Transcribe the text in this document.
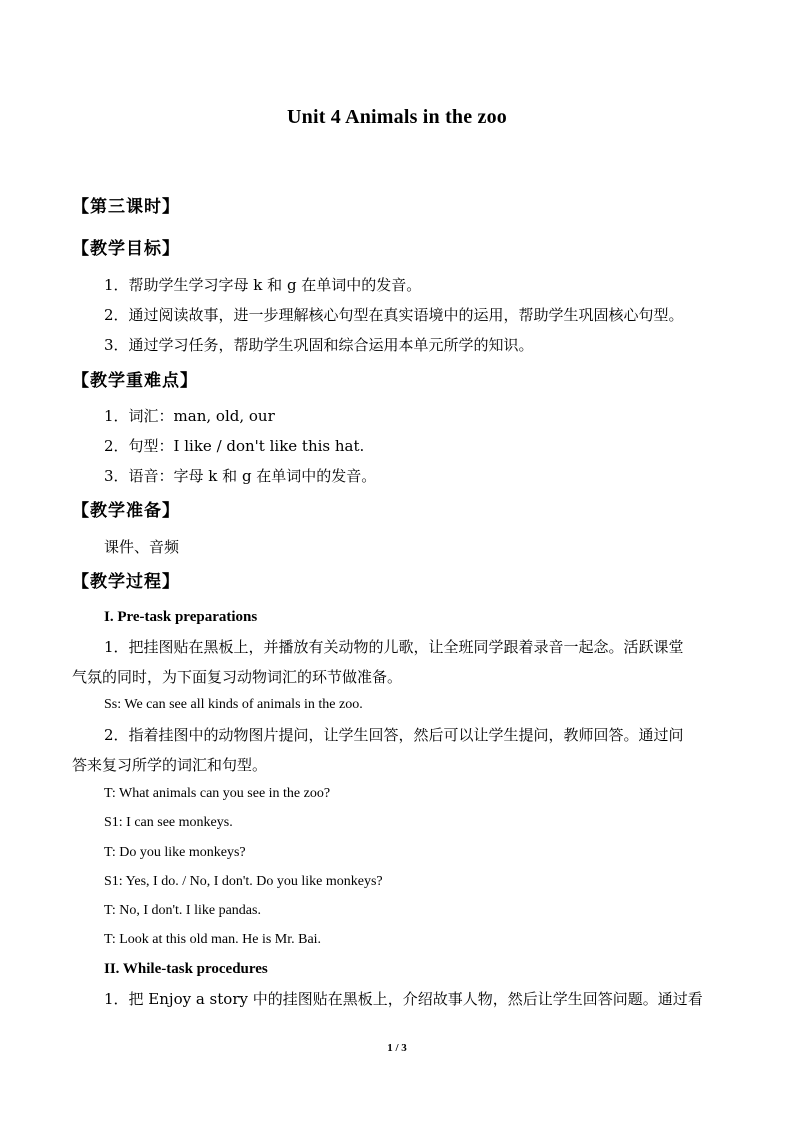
Unit 4 Animals in the zoo
【第三课时】
【教学目标】
1．帮助学生学习字母 k 和 g 在单词中的发音。
2．通过阅读故事，进一步理解核心句型在真实语境中的运用，帮助学生巩固核心句型。
3．通过学习任务，帮助学生巩固和综合运用本单元所学的知识。
【教学重难点】
1．词汇：man, old, our
2．句型：I like / don't like this hat.
3．语音：字母 k 和 g 在单词中的发音。
【教学准备】
课件、音频
【教学过程】
I. Pre-task preparations
1．把挂图贴在黑板上，并播放有关动物的儿歌，让全班同学跟着录音一起念。活跃课堂
气氛的同时，为下面复习动物词汇的环节做准备。
Ss: We can see all kinds of animals in the zoo.
2．指着挂图中的动物图片提问，让学生回答，然后可以让学生提问，教师回答。通过问
答来复习所学的词汇和句型。
T: What animals can you see in the zoo?
S1: I can see monkeys.
T: Do you like monkeys?
S1: Yes, I do. / No, I don't. Do you like monkeys?
T: No, I don't. I like pandas.
T: Look at this old man. He is Mr. Bai.
II. While-task procedures
1．把 Enjoy a story 中的挂图贴在黑板上，介绍故事人物，然后让学生回答问题。通过看
1 / 3
